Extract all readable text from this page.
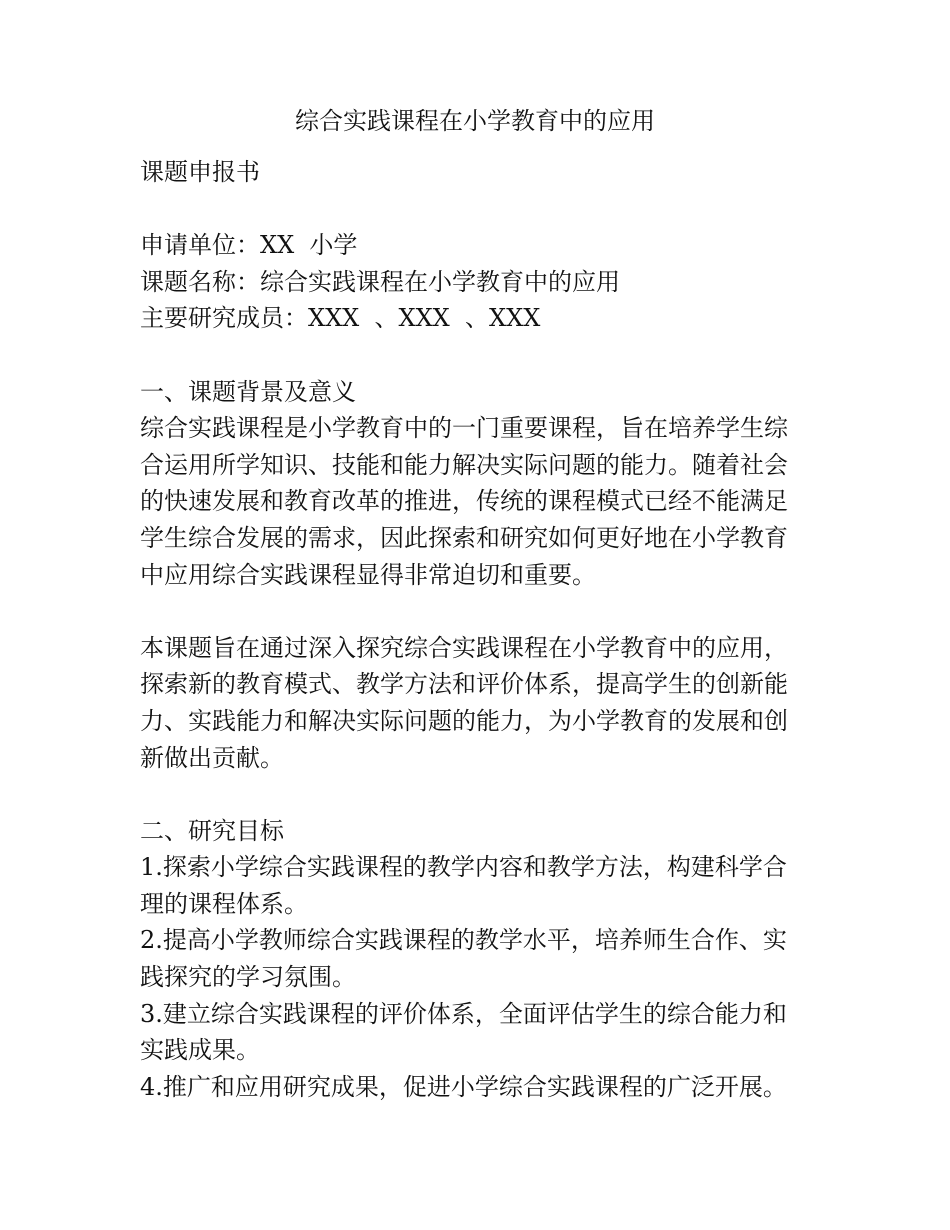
综合实践课程在小学教育中的应用
课题申报书
申请单位：XX  小学
课题名称：综合实践课程在小学教育中的应用
主要研究成员：XXX  、XXX  、XXX
一、课题背景及意义
综合实践课程是小学教育中的一门重要课程，旨在培养学生综
合运用所学知识、技能和能力解决实际问题的能力。随着社会
的快速发展和教育改革的推进，传统的课程模式已经不能满足
学生综合发展的需求，因此探索和研究如何更好地在小学教育
中应用综合实践课程显得非常迫切和重要。
本课题旨在通过深入探究综合实践课程在小学教育中的应用，
探索新的教育模式、教学方法和评价体系，提高学生的创新能
力、实践能力和解决实际问题的能力，为小学教育的发展和创
新做出贡献。
二、研究目标
1.探索小学综合实践课程的教学内容和教学方法，构建科学合
理的课程体系。
2.提高小学教师综合实践课程的教学水平，培养师生合作、实
践探究的学习氛围。
3.建立综合实践课程的评价体系，全面评估学生的综合能力和
实践成果。
4.推广和应用研究成果，促进小学综合实践课程的广泛开展。
